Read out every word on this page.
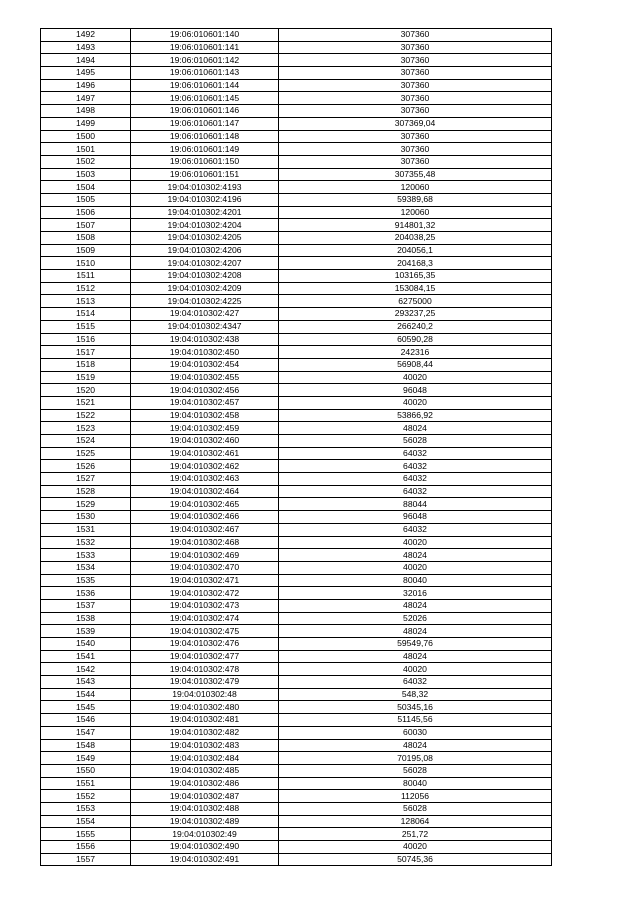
1492	19:06:010601:140	307360
1493	19:06:010601:141	307360
1494	19:06:010601:142	307360
1495	19:06:010601:143	307360
1496	19:06:010601:144	307360
1497	19:06:010601:145	307360
1498	19:06:010601:146	307360
1499	19:06:010601:147	307369,04
1500	19:06:010601:148	307360
1501	19:06:010601:149	307360
1502	19:06:010601:150	307360
1503	19:06:010601:151	307355,48
1504	19:04:010302:4193	120060
1505	19:04:010302:4196	59389,68
1506	19:04:010302:4201	120060
1507	19:04:010302:4204	914801,32
1508	19:04:010302:4205	204038,25
1509	19:04:010302:4206	204056,1
1510	19:04:010302:4207	204168,3
1511	19:04:010302:4208	103165,35
1512	19:04:010302:4209	153084,15
1513	19:04:010302:4225	6275000
1514	19:04:010302:427	293237,25
1515	19:04:010302:4347	266240,2
1516	19:04:010302:438	60590,28
1517	19:04:010302:450	242316
1518	19:04:010302:454	56908,44
1519	19:04:010302:455	40020
1520	19:04:010302:456	96048
1521	19:04:010302:457	40020
1522	19:04:010302:458	53866,92
1523	19:04:010302:459	48024
1524	19:04:010302:460	56028
1525	19:04:010302:461	64032
1526	19:04:010302:462	64032
1527	19:04:010302:463	64032
1528	19:04:010302:464	64032
1529	19:04:010302:465	88044
1530	19:04:010302:466	96048
1531	19:04:010302:467	64032
1532	19:04:010302:468	40020
1533	19:04:010302:469	48024
1534	19:04:010302:470	40020
1535	19:04:010302:471	80040
1536	19:04:010302:472	32016
1537	19:04:010302:473	48024
1538	19:04:010302:474	52026
1539	19:04:010302:475	48024
1540	19:04:010302:476	59549,76
1541	19:04:010302:477	48024
1542	19:04:010302:478	40020
1543	19:04:010302:479	64032
1544	19:04:010302:48	548,32
1545	19:04:010302:480	50345,16
1546	19:04:010302:481	51145,56
1547	19:04:010302:482	60030
1548	19:04:010302:483	48024
1549	19:04:010302:484	70195,08
1550	19:04:010302:485	56028
1551	19:04:010302:486	80040
1552	19:04:010302:487	112056
1553	19:04:010302:488	56028
1554	19:04:010302:489	128064
1555	19:04:010302:49	251,72
1556	19:04:010302:490	40020
1557	19:04:010302:491	50745,36
